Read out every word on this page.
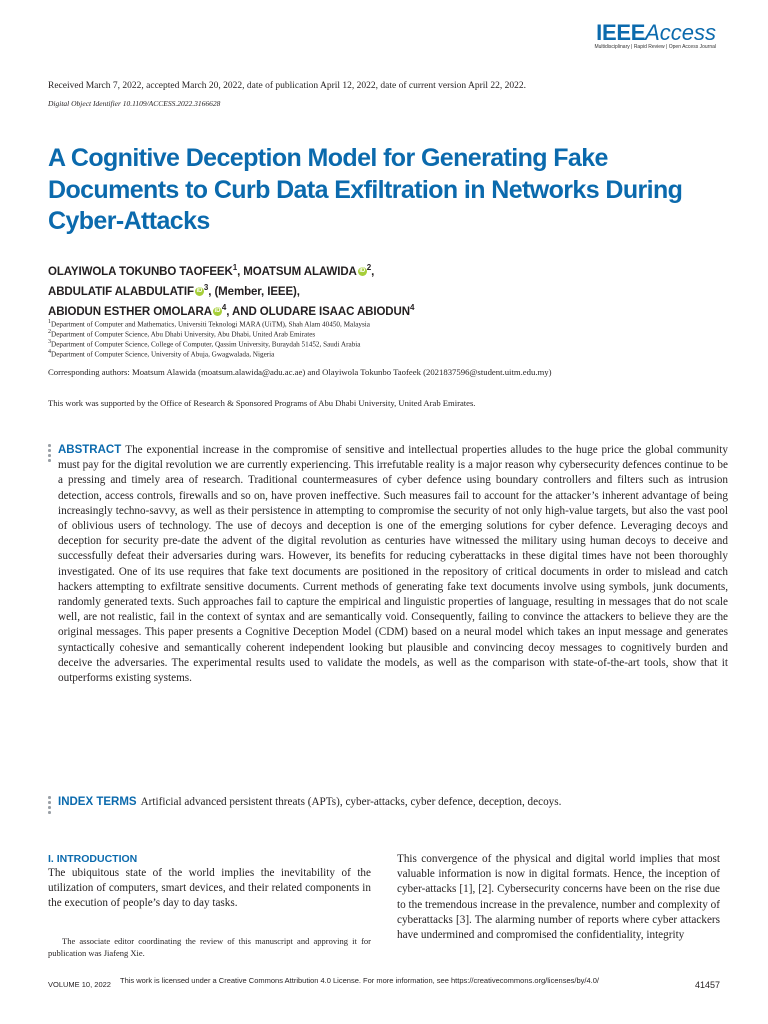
IEEEAccess
Multidisciplinary | Rapid Review | Open Access Journal
Received March 7, 2022, accepted March 20, 2022, date of publication April 12, 2022, date of current version April 22, 2022.
Digital Object Identifier 10.1109/ACCESS.2022.3166628
A Cognitive Deception Model for Generating Fake Documents to Curb Data Exfiltration in Networks During Cyber-Attacks
OLAYIWOLA TOKUNBO TAOFEEK$^1$, MOATSUM ALAWIDA iD $^2$,
ABDULATIF ALABDULATIF iD $^3$, (Member, IEEE),
ABIODUN ESTHER OMOLARA iD $^4$, AND OLUDARE ISAAC ABIODUN$^4$
$^1$Department of Computer and Mathematics, Universiti Teknologi MARA (UiTM), Shah Alam 40450, Malaysia
$^2$Department of Computer Science, Abu Dhabi University, Abu Dhabi, United Arab Emirates
$^3$Department of Computer Science, College of Computer, Qassim University, Buraydah 51452, Saudi Arabia
$^4$Department of Computer Science, University of Abuja, Gwagwalada, Nigeria
Corresponding authors: Moatsum Alawida (moatsum.alawida@adu.ac.ae) and Olayiwola Tokunbo Taofeek (2021837596@student.uitm.edu.my)
This work was supported by the Office of Research & Sponsored Programs of Abu Dhabi University, United Arab Emirates.
ABSTRACT The exponential increase in the compromise of sensitive and intellectual properties alludes to the huge price the global community must pay for the digital revolution we are currently experiencing. This irrefutable reality is a major reason why cybersecurity defences continue to be a pressing and timely area of research. Traditional countermeasures of cyber defence using boundary controllers and filters such as intrusion detection, access controls, firewalls and so on, have proven ineffective. Such measures fail to account for the attacker’s inherent advantage of being increasingly techno-savvy, as well as their persistence in attempting to compromise the security of not only high-value targets, but also the vast pool of oblivious users of technology. The use of decoys and deception is one of the emerging solutions for cyber defence. Leveraging decoys and deception for security pre-date the advent of the digital revolution as centuries have witnessed the military using human decoys to deceive and successfully defeat their adversaries during wars. However, its benefits for reducing cyberattacks in these digital times have not been thoroughly investigated. One of its use requires that fake text documents are positioned in the repository of critical documents in order to mislead and catch hackers attempting to exfiltrate sensitive documents. Current methods of generating fake text documents involve using symbols, junk documents, randomly generated texts. Such approaches fail to capture the empirical and linguistic properties of language, resulting in messages that do not scale well, are not realistic, fail in the context of syntax and are semantically void. Consequently, failing to convince the attackers to believe they are the original messages. This paper presents a Cognitive Deception Model (CDM) based on a neural model which takes an input message and generates syntactically cohesive and semantically coherent independent looking but plausible and convincing decoy messages to cognitively burden and deceive the adversaries. The experimental results used to validate the models, as well as the comparison with state-of-the-art tools, show that it outperforms existing systems.
INDEX TERMS Artificial advanced persistent threats (APTs), cyber-attacks, cyber defence, deception, decoys.
I. INTRODUCTION
The ubiquitous state of the world implies the inevitability of the utilization of computers, smart devices, and their related components in the execution of people’s day to day tasks.
The associate editor coordinating the review of this manuscript and approving it for publication was Jiafeng Xie.
This convergence of the physical and digital world implies that most valuable information is now in digital formats. Hence, the inception of cyber-attacks [1], [2]. Cybersecurity concerns have been on the rise due to the tremendous increase in the prevalence, number and complexity of cyberattacks [3]. The alarming number of reports where cyber attackers have undermined and compromised the confidentiality, integrity
VOLUME 10, 2022 This work is licensed under a Creative Commons Attribution 4.0 License. For more information, see https://creativecommons.org/licenses/by/4.0/	41457
